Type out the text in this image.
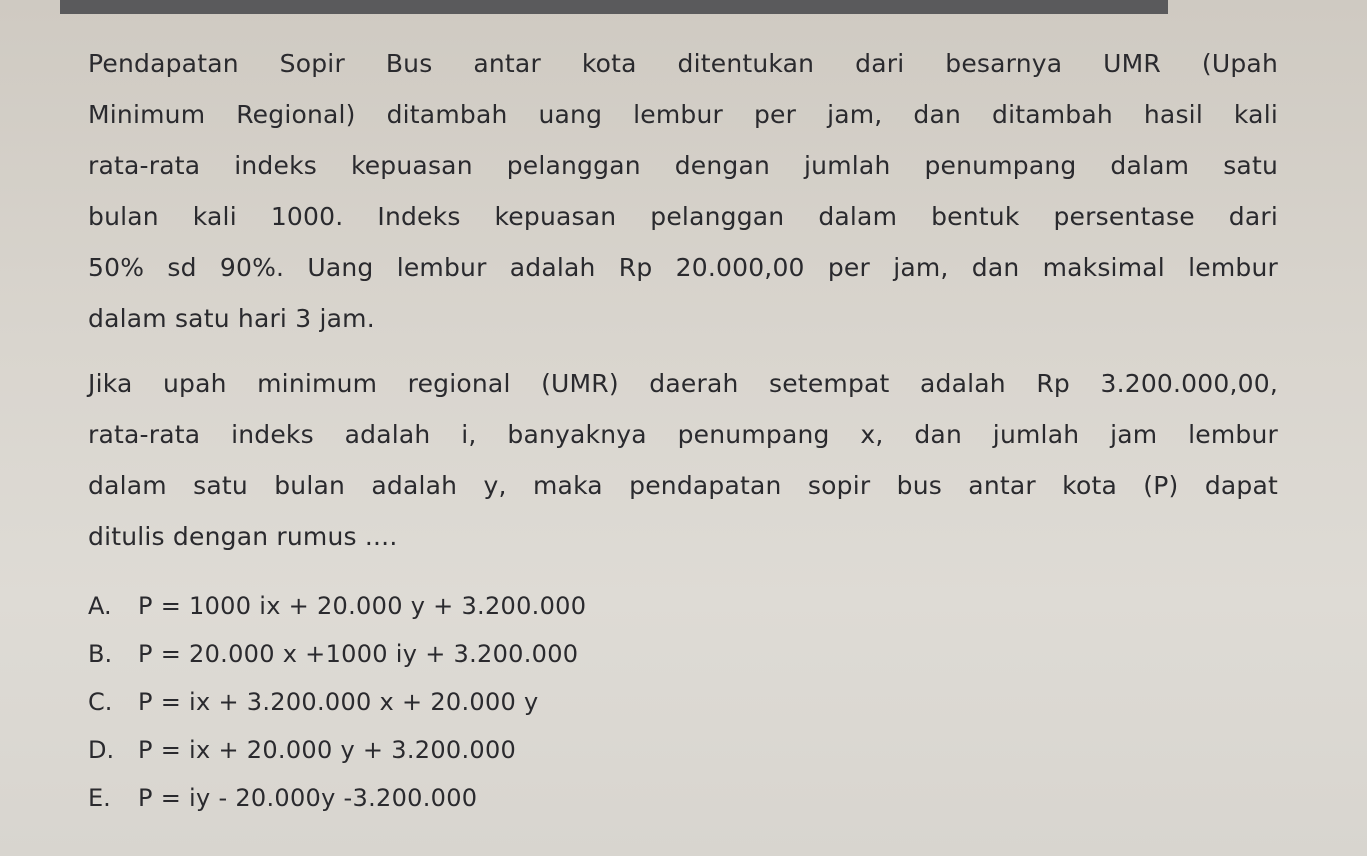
Pendapatan Sopir Bus antar kota ditentukan dari besarnya UMR (Upah
Minimum Regional) ditambah uang lembur per jam, dan ditambah hasil kali
rata-rata indeks kepuasan pelanggan dengan jumlah penumpang dalam satu
bulan kali 1000. Indeks kepuasan pelanggan dalam bentuk persentase dari
50% sd 90%. Uang lembur adalah Rp 20.000,00 per jam, dan maksimal lembur
dalam satu hari 3 jam.

Jika upah minimum regional (UMR) daerah setempat adalah Rp 3.200.000,00,
rata-rata indeks adalah i, banyaknya penumpang x, dan jumlah jam lembur
dalam satu bulan adalah y, maka pendapatan sopir bus antar kota (P) dapat
ditulis dengan rumus ....

A.	P = 1000 ix + 20.000 y + 3.200.000
B.	P = 20.000 x +1000 iy + 3.200.000
C.	P = ix + 3.200.000 x + 20.000 y
D. P = ix + 20.000 y + 3.200.000
E.	P = iy - 20.000y -3.200.000
